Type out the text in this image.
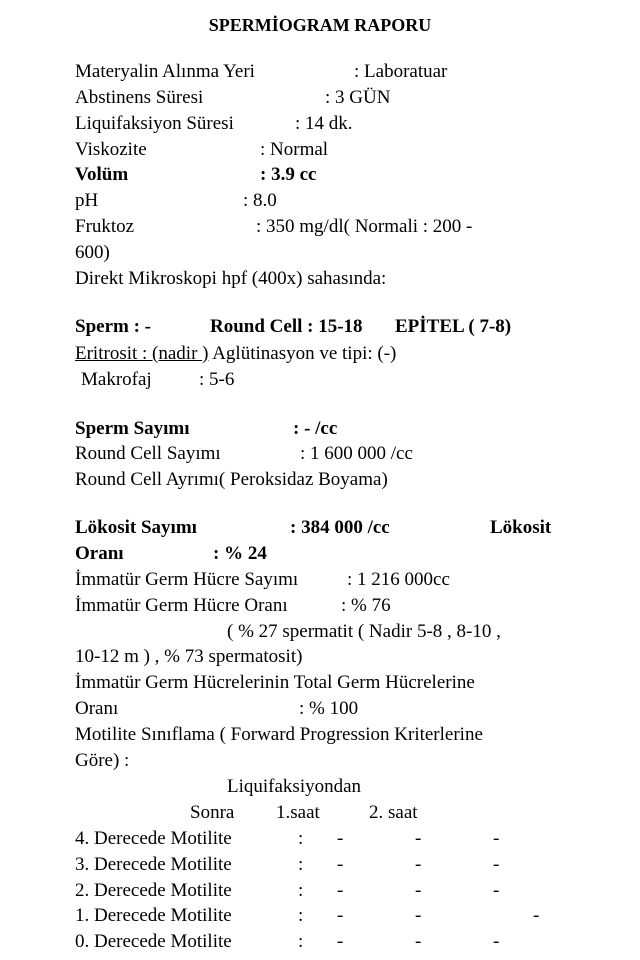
SPERMİOGRAM RAPORU
Materyalin Alınma Yeri	: Laboratuar
Abstinens Süresi	: 3 GÜN
Liquifaksiyon Süresi	: 14 dk.
Viskozite	: Normal
Volüm	: 3.9 cc
pH	: 8.0
Fruktoz	: 350 mg/dl( Normali : 200 -
600)
Direkt Mikroskopi hpf (400x) sahasında:
Sperm : -	Round Cell : 15-18 EPİTEL ( 7-8)
Eritrosit : (nadir ) Aglütinasyon ve tipi: (-)
Makrofaj : 5-6
Sperm Sayımı	: - /cc
Round Cell Sayımı	: 1 600 000 /cc
Round Cell Ayrımı( Peroksidaz Boyama)
Lökosit Sayımı	: 384 000 /cc	Lökosit
Oranı	: % 24
İmmatür Germ Hücre Sayımı	: 1 216 000cc
İmmatür Germ Hücre Oranı	: % 76
( % 27 spermatit ( Nadir 5-8 , 8-10 ,
10-12 m ) , % 73 spermatosit)
İmmatür Germ Hücrelerinin Total Germ Hücrelerine
Oranı	: % 100
Motilite Sınıflama ( Forward Progression Kriterlerine
Göre) :
Liquifaksiyondan
Sonra 1.saat	2. saat
4. Derecede Motilite	: -	-	-
3. Derecede Motilite	: -	-	-
2. Derecede Motilite	: -	-	-
1. Derecede Motilite	: -	-	-
0. Derecede Motilite	: -	-	-
